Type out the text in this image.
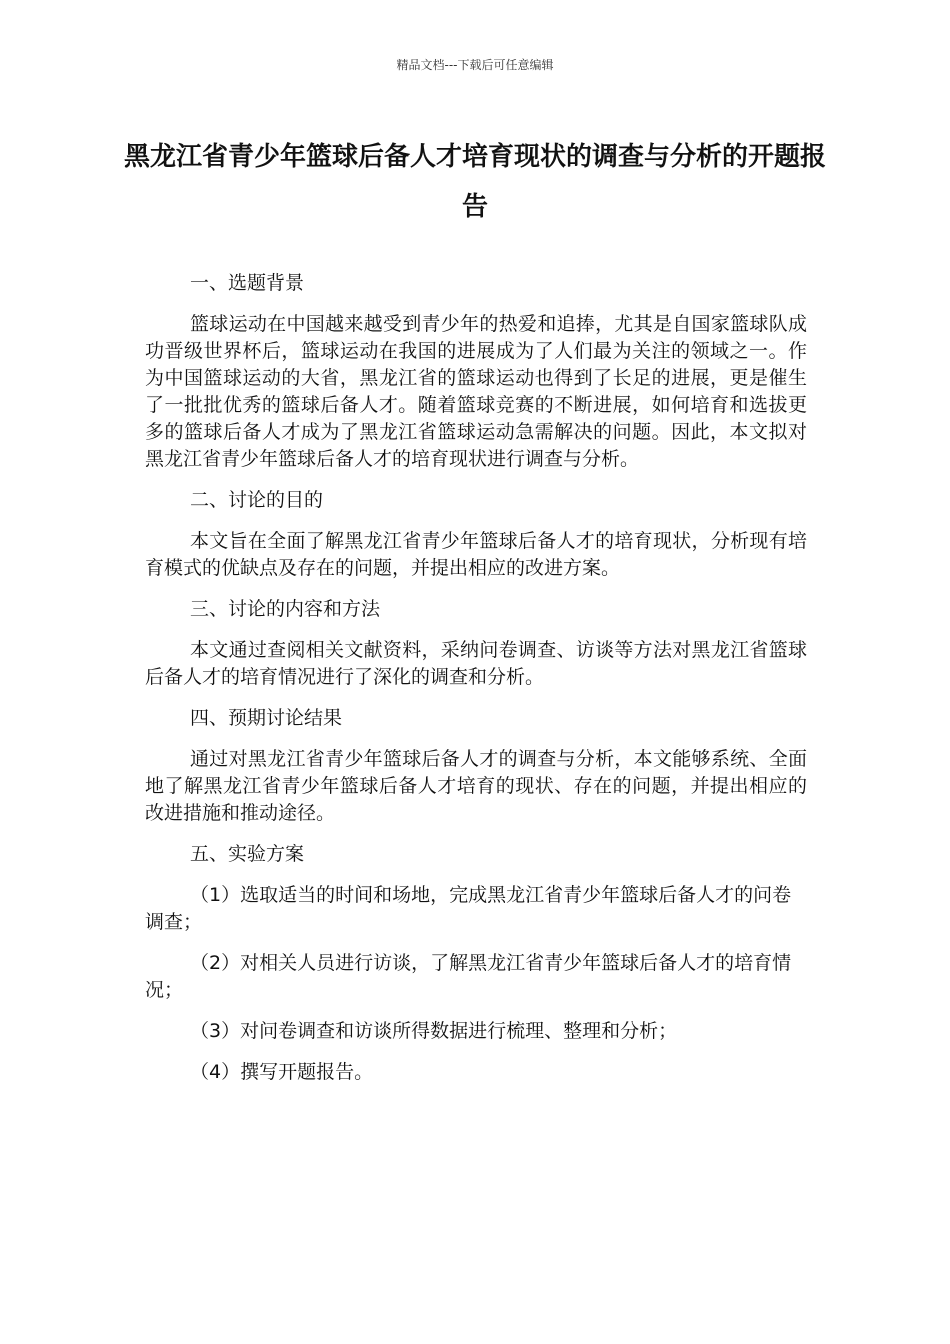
精品文档---下载后可任意编辑
黑龙江省青少年篮球后备人才培育现状的调查与分析的开题报告
一、选题背景
篮球运动在中国越来越受到青少年的热爱和追捧，尤其是自国家篮球队成功晋级世界杯后，篮球运动在我国的进展成为了人们最为关注的领域之一。作为中国篮球运动的大省，黑龙江省的篮球运动也得到了长足的进展，更是催生了一批批优秀的篮球后备人才。随着篮球竞赛的不断进展，如何培育和选拔更多的篮球后备人才成为了黑龙江省篮球运动急需解决的问题。因此，本文拟对黑龙江省青少年篮球后备人才的培育现状进行调查与分析。
二、讨论的目的
本文旨在全面了解黑龙江省青少年篮球后备人才的培育现状，分析现有培育模式的优缺点及存在的问题，并提出相应的改进方案。
三、讨论的内容和方法
本文通过查阅相关文献资料，采纳问卷调查、访谈等方法对黑龙江省篮球后备人才的培育情况进行了深化的调查和分析。
四、预期讨论结果
通过对黑龙江省青少年篮球后备人才的调查与分析，本文能够系统、全面地了解黑龙江省青少年篮球后备人才培育的现状、存在的问题，并提出相应的改进措施和推动途径。
五、实验方案
（1）选取适当的时间和场地，完成黑龙江省青少年篮球后备人才的问卷调查；
（2）对相关人员进行访谈，了解黑龙江省青少年篮球后备人才的培育情况；
（3）对问卷调查和访谈所得数据进行梳理、整理和分析；
（4）撰写开题报告。
